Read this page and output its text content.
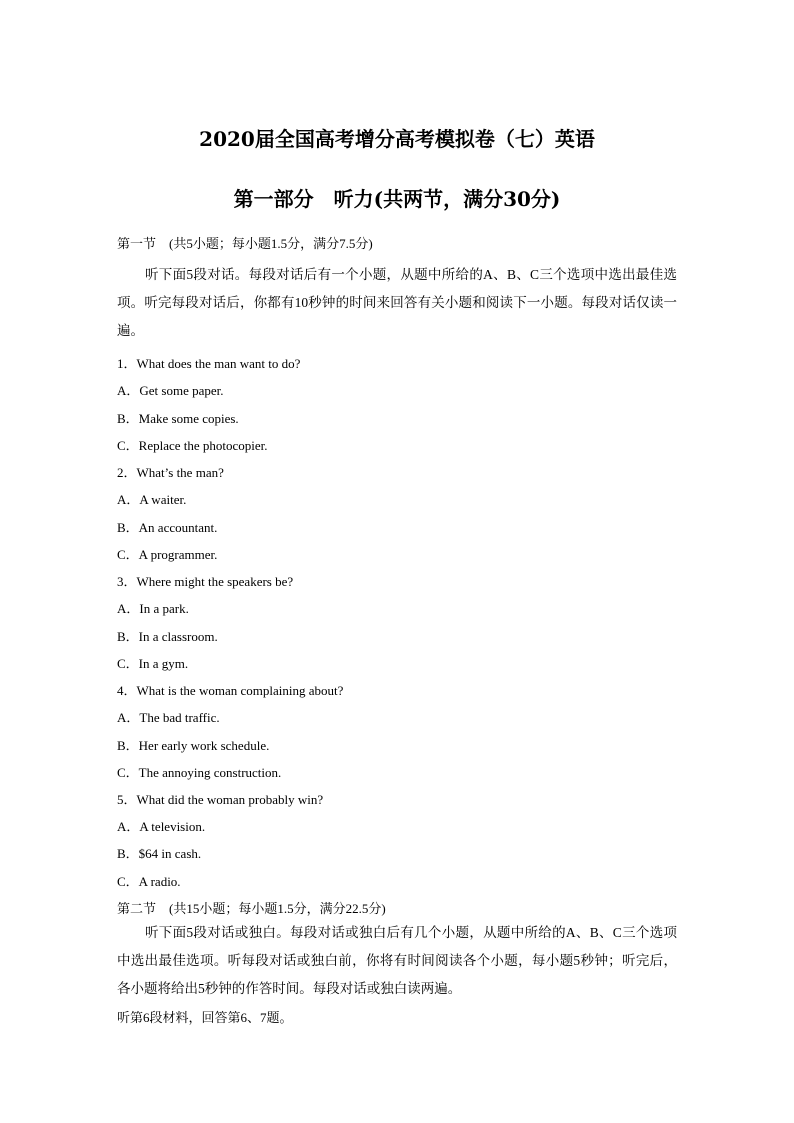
2020届全国高考增分高考模拟卷（七）英语
第一部分　听力(共两节，满分30分)
第一节　(共5小题；每小题1.5分，满分7.5分)
听下面5段对话。每段对话后有一个小题，从题中所给的A、B、C三个选项中选出最佳选项。听完每段对话后，你都有10秒钟的时间来回答有关小题和阅读下一小题。每段对话仅读一遍。
1．What does the man want to do?
A．Get some paper.
B．Make some copies.
C．Replace the photocopier.
2．What’s the man?
A．A waiter.
B．An accountant.
C．A programmer.
3．Where might the speakers be?
A．In a park.
B．In a classroom.
C．In a gym.
4．What is the woman complaining about?
A．The bad traffic.
B．Her early work schedule.
C．The annoying construction.
5．What did the woman probably win?
A．A television.
B．$64 in cash.
C．A radio.
第二节　(共15小题；每小题1.5分，满分22.5分)
听下面5段对话或独白。每段对话或独白后有几个小题，从题中所给的A、B、C三个选项中选出最佳选项。听每段对话或独白前，你将有时间阅读各个小题，每小题5秒钟；听完后，各小题将给出5秒钟的作答时间。每段对话或独白读两遍。
听第6段材料，回答第6、7题。
